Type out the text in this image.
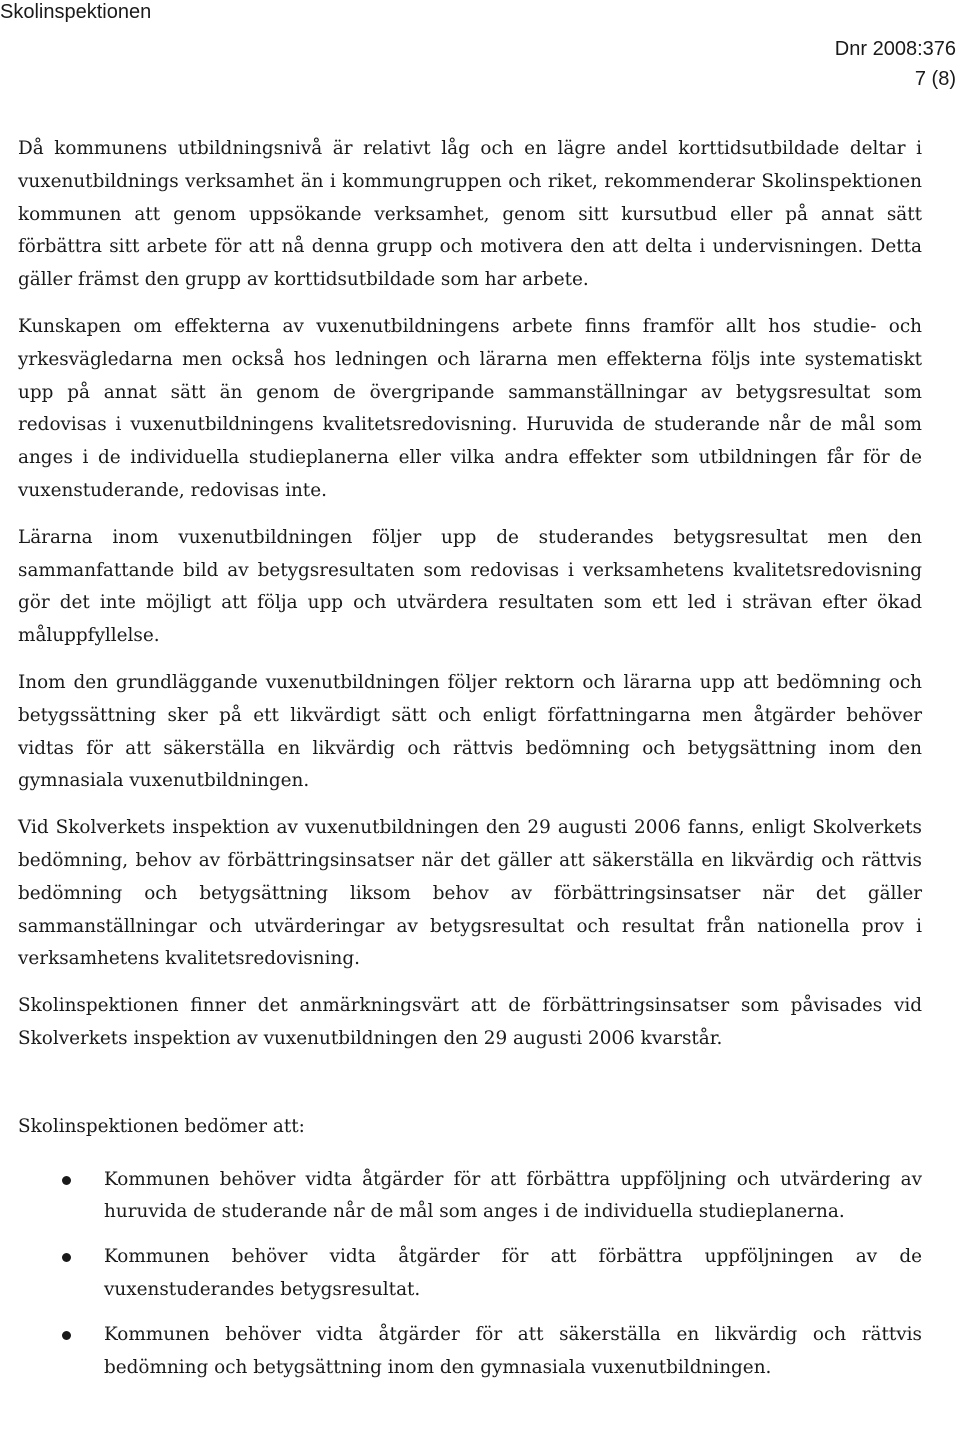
Skolinspektionen
Dnr 2008:376
7 (8)

Då kommunens utbildningsnivå är relativt låg och en lägre andel korttidsutbildade deltar i vuxenutbildnings verksamhet än i kommungruppen och riket, rekommenderar Skolinspektionen kommunen att genom uppsökande verksamhet, genom sitt kursutbud eller på annat sätt förbättra sitt arbete för att nå denna grupp och motivera den att delta i undervisningen. Detta gäller främst den grupp av korttidsutbildade som har arbete.

Kunskapen om effekterna av vuxenutbildningens arbete finns framför allt hos studie- och yrkesvägledarna men också hos ledningen och lärarna men effekterna följs inte systematiskt upp på annat sätt än genom de övergripande sammanställningar av betygsresultat som redovisas i vuxenutbildningens kvalitetsredovisning. Huruvida de studerande når de mål som anges i de individuella studieplanerna eller vilka andra effekter som utbildningen får för de vuxenstuderande, redovisas inte.

Lärarna inom vuxenutbildningen följer upp de studerandes betygsresultat men den sammanfattande bild av betygsresultaten som redovisas i verksamhetens kvalitetsredovisning gör det inte möjligt att följa upp och utvärdera resultaten som ett led i strävan efter ökad måluppfyllelse.

Inom den grundläggande vuxenutbildningen följer rektorn och lärarna upp att bedömning och betygssättning sker på ett likvärdigt sätt och enligt författningarna men åtgärder behöver vidtas för att säkerställa en likvärdig och rättvis bedömning och betygsättning inom den gymnasiala vuxenutbildningen.

Vid Skolverkets inspektion av vuxenutbildningen den 29 augusti 2006 fanns, enligt Skolverkets bedömning, behov av förbättringsinsatser när det gäller att säkerställa en likvärdig och rättvis bedömning och betygsättning liksom behov av förbättringsinsatser när det gäller sammanställningar och utvärderingar av betygsresultat och resultat från nationella prov i verksamhetens kvalitetsredovisning.

Skolinspektionen finner det anmärkningsvärt att de förbättringsinsatser som påvisades vid Skolverkets inspektion av vuxenutbildningen den 29 augusti 2006 kvarstår.

Skolinspektionen bedömer att:

Kommunen behöver vidta åtgärder för att förbättra uppföljning och utvärdering av huruvida de studerande når de mål som anges i de individuella studieplanerna.
Kommunen behöver vidta åtgärder för att förbättra uppföljningen av de vuxenstuderandes betygsresultat.
Kommunen behöver vidta åtgärder för att säkerställa en likvärdig och rättvis bedömning och betygsättning inom den gymnasiala vuxenutbildningen.
